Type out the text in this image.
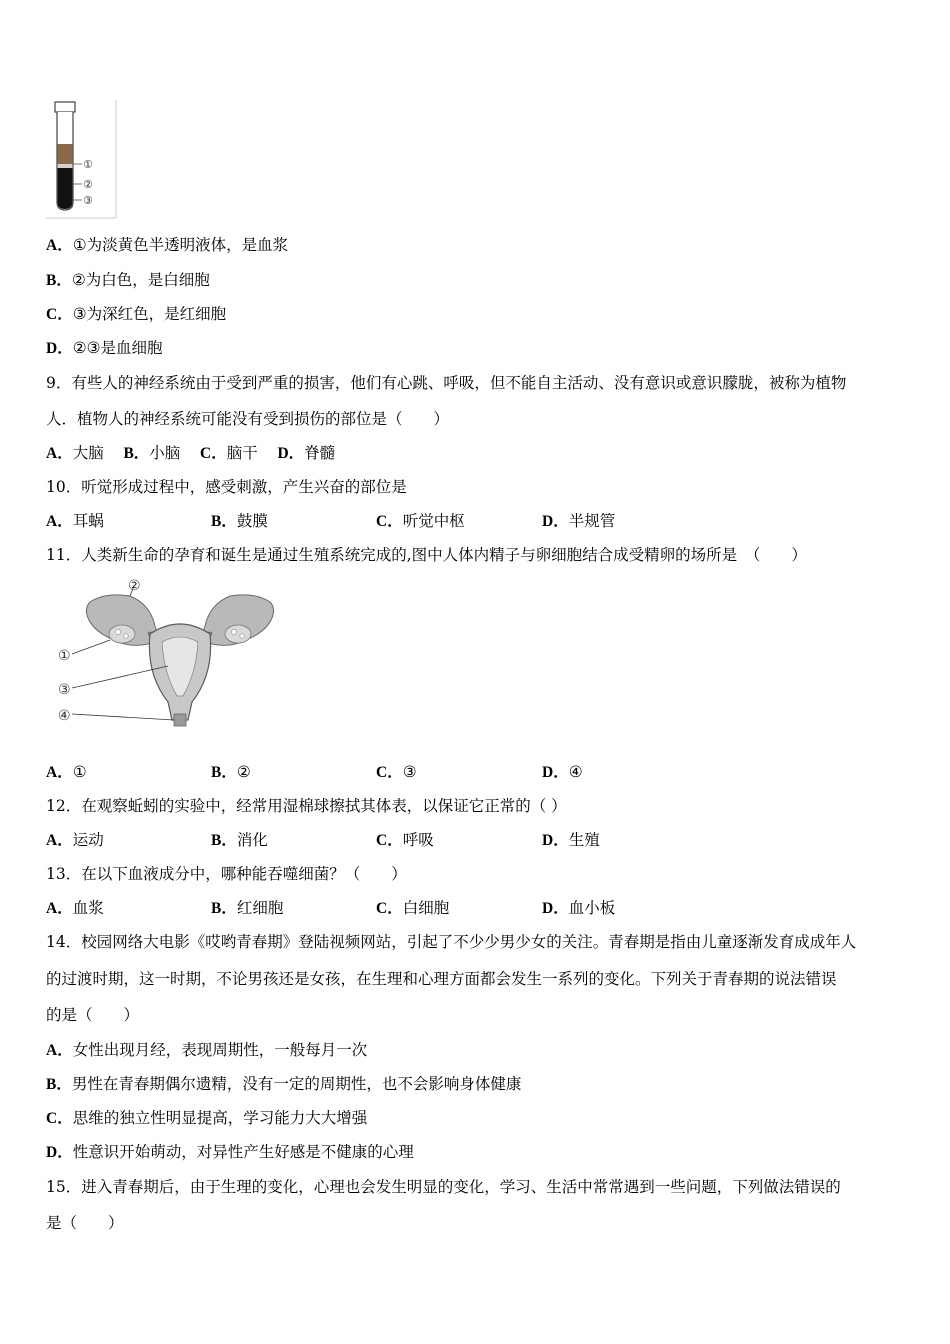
①
②
③
A．①为淡黄色半透明液体，是血浆
B．②为白色，是白细胞
C．③为深红色，是红细胞
D．②③是血细胞
9．有些人的神经系统由于受到严重的损害，他们有心跳、呼吸，但不能自主活动、没有意识或意识朦胧，被称为植物
人．植物人的神经系统可能没有受到损伤的部位是（　　）
A．大脑 B．小脑 C．脑干 D．脊髓
10．听觉形成过程中，感受刺激，产生兴奋的部位是
A．耳蜗	B．鼓膜	C．听觉中枢	D．半规管
11．人类新生命的孕育和诞生是通过生殖系统完成的,图中人体内精子与卵细胞结合成受精卵的场所是　（　　）
②
①
③
④
A．①	B．②	C．③	D．④
12．在观察蚯蚓的实验中，经常用湿棉球擦拭其体表，以保证它正常的（ ）
A．运动	B．消化	C．呼吸	D．生殖
13．在以下血液成分中，哪种能吞噬细菌？（　　）
A．血浆	B．红细胞	C．白细胞	D．血小板
14．校园网络大电影《哎哟青春期》登陆视频网站，引起了不少少男少女的关注。青春期是指由儿童逐渐发育成成年人
的过渡时期，这一时期，不论男孩还是女孩，在生理和心理方面都会发生一系列的变化。下列关于青春期的说法错误
的是（　　）
A．女性出现月经，表现周期性，一般每月一次
B．男性在青春期偶尔遗精，没有一定的周期性，也不会影响身体健康
C．思维的独立性明显提高，学习能力大大增强
D．性意识开始萌动，对异性产生好感是不健康的心理
15．进入青春期后，由于生理的变化，心理也会发生明显的变化，学习、生活中常常遇到一些问题，下列做法错误的
是（　　）
